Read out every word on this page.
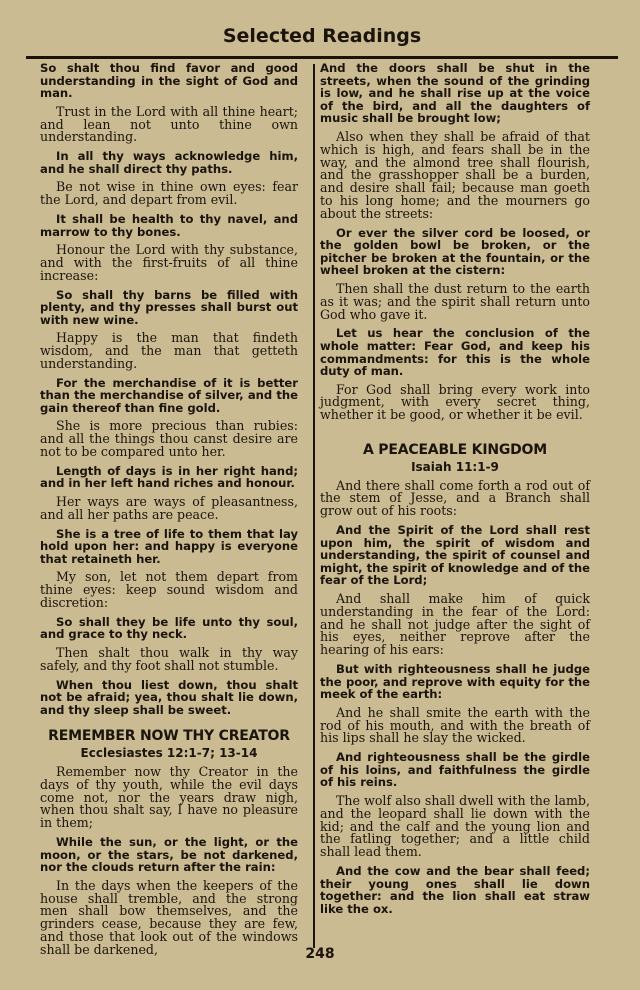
Selected Readings

So shalt thou find favor and good understanding in the sight of God and man.

Trust in the Lord with all thine heart; and lean not unto thine own understanding.

In all thy ways acknowledge him, and he shall direct thy paths.

Be not wise in thine own eyes: fear the Lord, and depart from evil.

It shall be health to thy navel, and marrow to thy bones.

Honour the Lord with thy substance, and with the first-fruits of all thine increase:

So shall thy barns be filled with plenty, and thy presses shall burst out with new wine.

Happy is the man that findeth wisdom, and the man that getteth understanding.

For the merchandise of it is better than the merchandise of silver, and the gain thereof than fine gold.

She is more precious than rubies: and all the things thou canst desire are not to be compared unto her.

Length of days is in her right hand; and in her left hand riches and honour.

Her ways are ways of pleasantness, and all her paths are peace.

She is a tree of life to them that lay hold upon her: and happy is everyone that retaineth her.

My son, let not them depart from thine eyes: keep sound wisdom and discretion:

So shall they be life unto thy soul, and grace to thy neck.

Then shalt thou walk in thy way safely, and thy foot shall not stumble.

When thou liest down, thou shalt not be afraid; yea, thou shalt lie down, and thy sleep shall be sweet.

REMEMBER NOW THY CREATOR
Ecclesiastes 12:1-7; 13-14

Remember now thy Creator in the days of thy youth, while the evil days come not, nor the years draw nigh, when thou shalt say, I have no pleasure in them;

While the sun, or the light, or the moon, or the stars, be not darkened, nor the clouds return after the rain:

In the days when the keepers of the house shall tremble, and the strong men shall bow themselves, and the grinders cease, because they are few, and those that look out of the windows shall be darkened,

And the doors shall be shut in the streets, when the sound of the grinding is low, and he shall rise up at the voice of the bird, and all the daughters of music shall be brought low;

Also when they shall be afraid of that which is high, and fears shall be in the way, and the almond tree shall flourish, and the grasshopper shall be a burden, and desire shall fail; because man goeth to his long home; and the mourners go about the streets:

Or ever the silver cord be loosed, or the golden bowl be broken, or the pitcher be broken at the fountain, or the wheel broken at the cistern:

Then shall the dust return to the earth as it was; and the spirit shall return unto God who gave it.

Let us hear the conclusion of the whole matter: Fear God, and keep his commandments: for this is the whole duty of man.

For God shall bring every work into judgment, with every secret thing, whether it be good, or whether it be evil.

A PEACEABLE KINGDOM
Isaiah 11:1-9

And there shall come forth a rod out of the stem of Jesse, and a Branch shall grow out of his roots:

And the Spirit of the Lord shall rest upon him, the spirit of wisdom and understanding, the spirit of counsel and might, the spirit of knowledge and of the fear of the Lord;

And shall make him of quick understanding in the fear of the Lord: and he shall not judge after the sight of his eyes, neither reprove after the hearing of his ears:

But with righteousness shall he judge the poor, and reprove with equity for the meek of the earth:

And he shall smite the earth with the rod of his mouth, and with the breath of his lips shall he slay the wicked.

And righteousness shall be the girdle of his loins, and faithfulness the girdle of his reins.

The wolf also shall dwell with the lamb, and the leopard shall lie down with the kid; and the calf and the young lion and the fatling together; and a little child shall lead them.

And the cow and the bear shall feed; their young ones shall lie down together: and the lion shall eat straw like the ox.

248
